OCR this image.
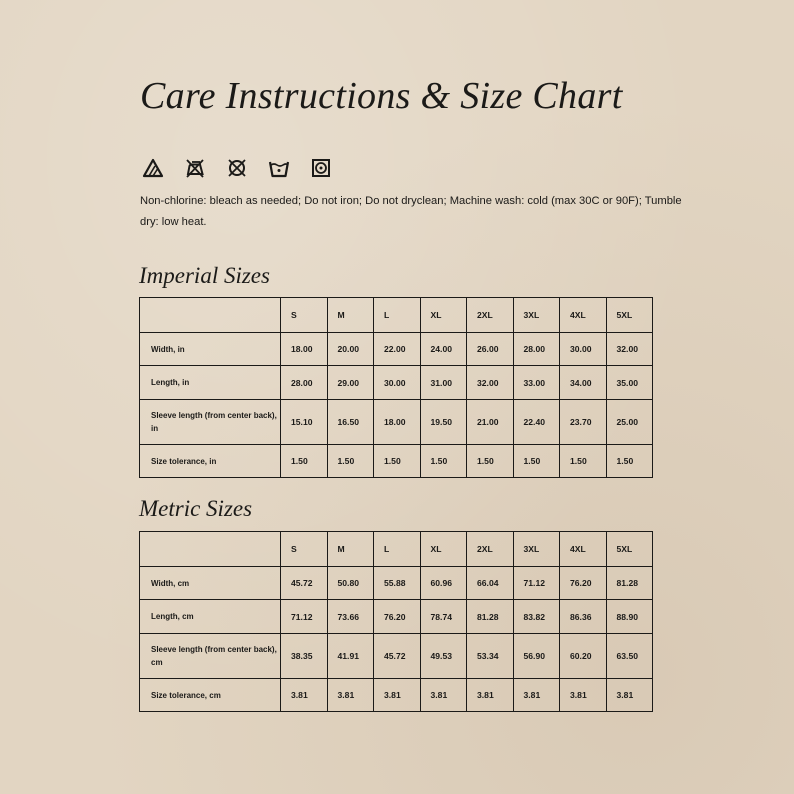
Care Instructions & Size Chart

Non-chlorine: bleach as needed; Do not iron; Do not dryclean; Machine wash: cold (max 30C or 90F); Tumble dry: low heat.

Imperial Sizes
	S	M	L	XL	2XL	3XL	4XL	5XL
Width, in	18.00	20.00	22.00	24.00	26.00	28.00	30.00	32.00
Length, in	28.00	29.00	30.00	31.00	32.00	33.00	34.00	35.00
Sleeve length (from center back), in	15.10	16.50	18.00	19.50	21.00	22.40	23.70	25.00
Size tolerance, in	1.50	1.50	1.50	1.50	1.50	1.50	1.50	1.50
Metric Sizes
	S	M	L	XL	2XL	3XL	4XL	5XL
Width, cm	45.72	50.80	55.88	60.96	66.04	71.12	76.20	81.28
Length, cm	71.12	73.66	76.20	78.74	81.28	83.82	86.36	88.90
Sleeve length (from center back), cm	38.35	41.91	45.72	49.53	53.34	56.90	60.20	63.50
Size tolerance, cm	3.81	3.81	3.81	3.81	3.81	3.81	3.81	3.81
